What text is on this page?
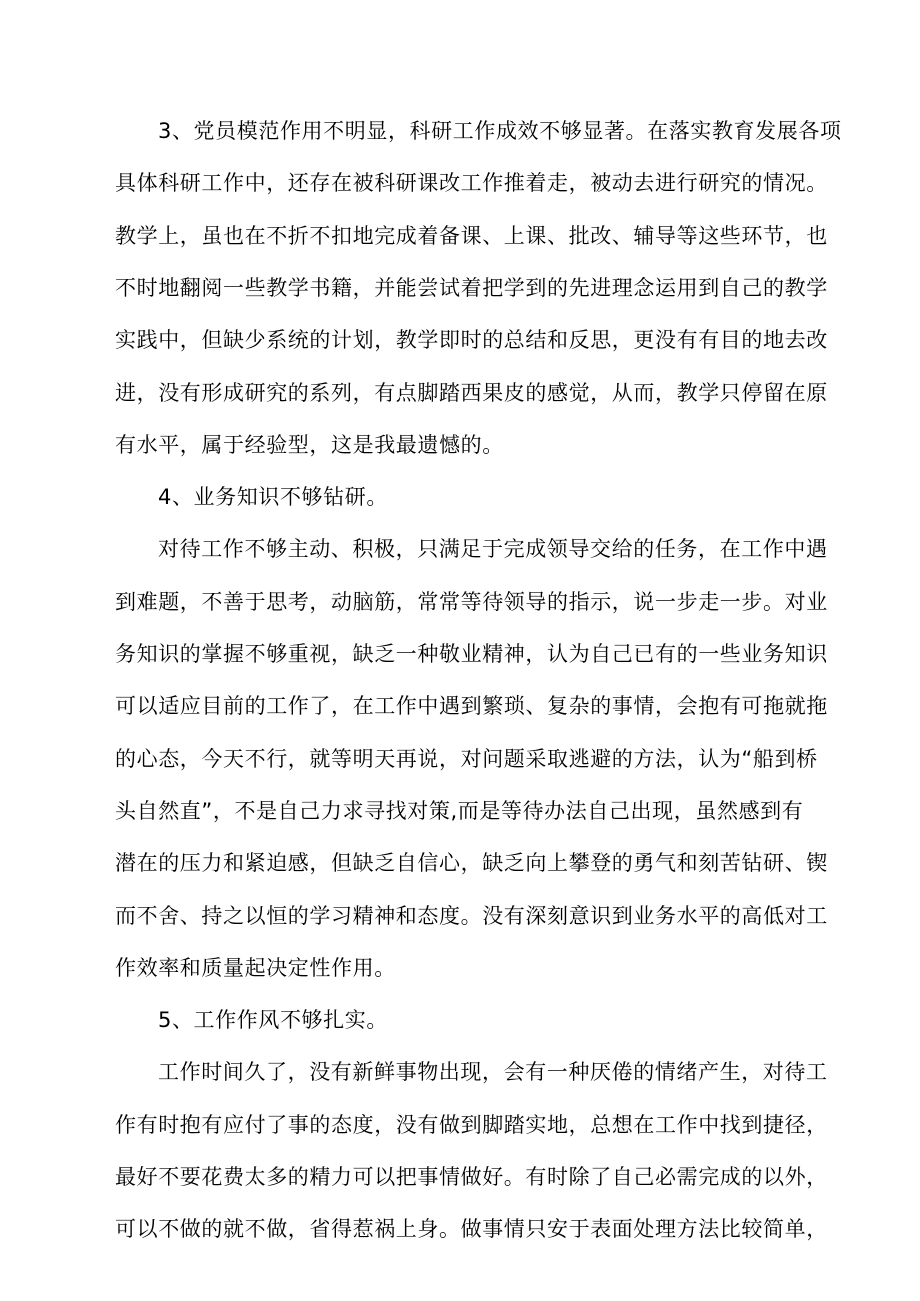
3、党员模范作用不明显，科研工作成效不够显著。在落实教育发展各项
具体科研工作中，还存在被科研课改工作推着走，被动去进行研究的情况。
教学上，虽也在不折不扣地完成着备课、上课、批改、辅导等这些环节，也
不时地翻阅一些教学书籍，并能尝试着把学到的先进理念运用到自己的教学
实践中，但缺少系统的计划，教学即时的总结和反思，更没有有目的地去改
进，没有形成研究的系列，有点脚踏西果皮的感觉，从而，教学只停留在原
有水平，属于经验型，这是我最遗憾的。
4、业务知识不够钻研。
对待工作不够主动、积极，只满足于完成领导交给的任务，在工作中遇
到难题，不善于思考，动脑筋，常常等待领导的指示，说一步走一步。对业
务知识的掌握不够重视，缺乏一种敬业精神，认为自己已有的一些业务知识
可以适应目前的工作了，在工作中遇到繁琐、复杂的事情，会抱有可拖就拖
的心态，今天不行，就等明天再说，对问题采取逃避的方法，认为“船到桥
头自然直”，不是自己力求寻找对策,而是等待办法自己出现，虽然感到有
潜在的压力和紧迫感，但缺乏自信心，缺乏向上攀登的勇气和刻苦钻研、锲
而不舍、持之以恒的学习精神和态度。没有深刻意识到业务水平的高低对工
作效率和质量起决定性作用。
5、工作作风不够扎实。
工作时间久了，没有新鲜事物出现，会有一种厌倦的情绪产生，对待工
作有时抱有应付了事的态度，没有做到脚踏实地，总想在工作中找到捷径，
最好不要花费太多的精力可以把事情做好。有时除了自己必需完成的以外，
可以不做的就不做，省得惹祸上身。做事情只安于表面处理方法比较简单，
